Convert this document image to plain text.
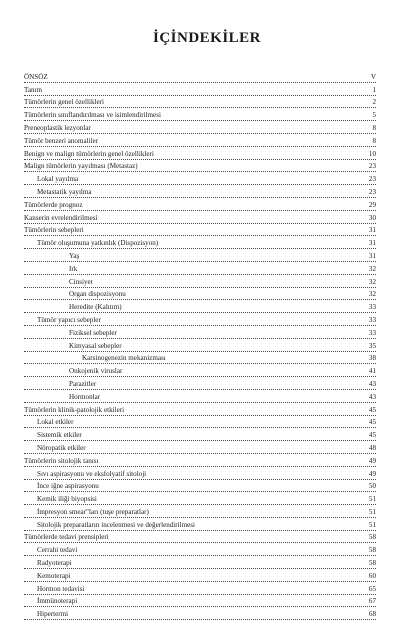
İÇİNDEKİLER
ÖNSÖZ	V
Tanım	1
Tümörlerin genel özellikleri	2
Tümörlerin sınıflandırılması ve isimlendirilmesi	5
Preneoplastik lezyonlar	8
Tümör benzeri anomaliler	8
Benign ve malign tümörlerin genel özellikleri	10
Malign tümörlerin yayılması (Metastaz)	23
Lokal yayılma	23
Metastatik yayılma	23
Tümörlerde prognoz	29
Kanserin evrelendirilmesi	30
Tümörlerin sebepleri	31
Tümör oluşumuna yatkınlık (Dispozisyon)	31
Yaş	31
Irk	32
Cinsiyet	32
Organ dispozisyonu	32
Heredite (Kalıtım)	33
Tümör yapıcı sebepler	33
Fiziksel sebepler	33
Kimyasal sebepler	35
Karsinogenezin mekanizması	38
Onkojenik viruslar	41
Parazitler	43
Hormonlar	43
Tümörlerin klinik-patolojik etkileri	45
Lokal etkiler	45
Sistemik etkiler	45
Nöropatik etkiler	48
Tümörlerin sitolojik tanısı	49
Sıvı aspirasyonu ve eksfolyatif sitoloji	49
İnce iğne aspirasyonu	50
Kemik iliği biyopsisi	51
İmpresyon smear"ları (tuşe preparatlar)	51
Sitolojik preparatların incelenmesi ve değerlendirilmesi	51
Tümörlerde tedavi prensipleri	58
Cerrahi tedavi	58
Radyoterapi	58
Kemoterapi	60
Hormon tedavisi	65
İmmünoterapi	67
Hipertermi	68
